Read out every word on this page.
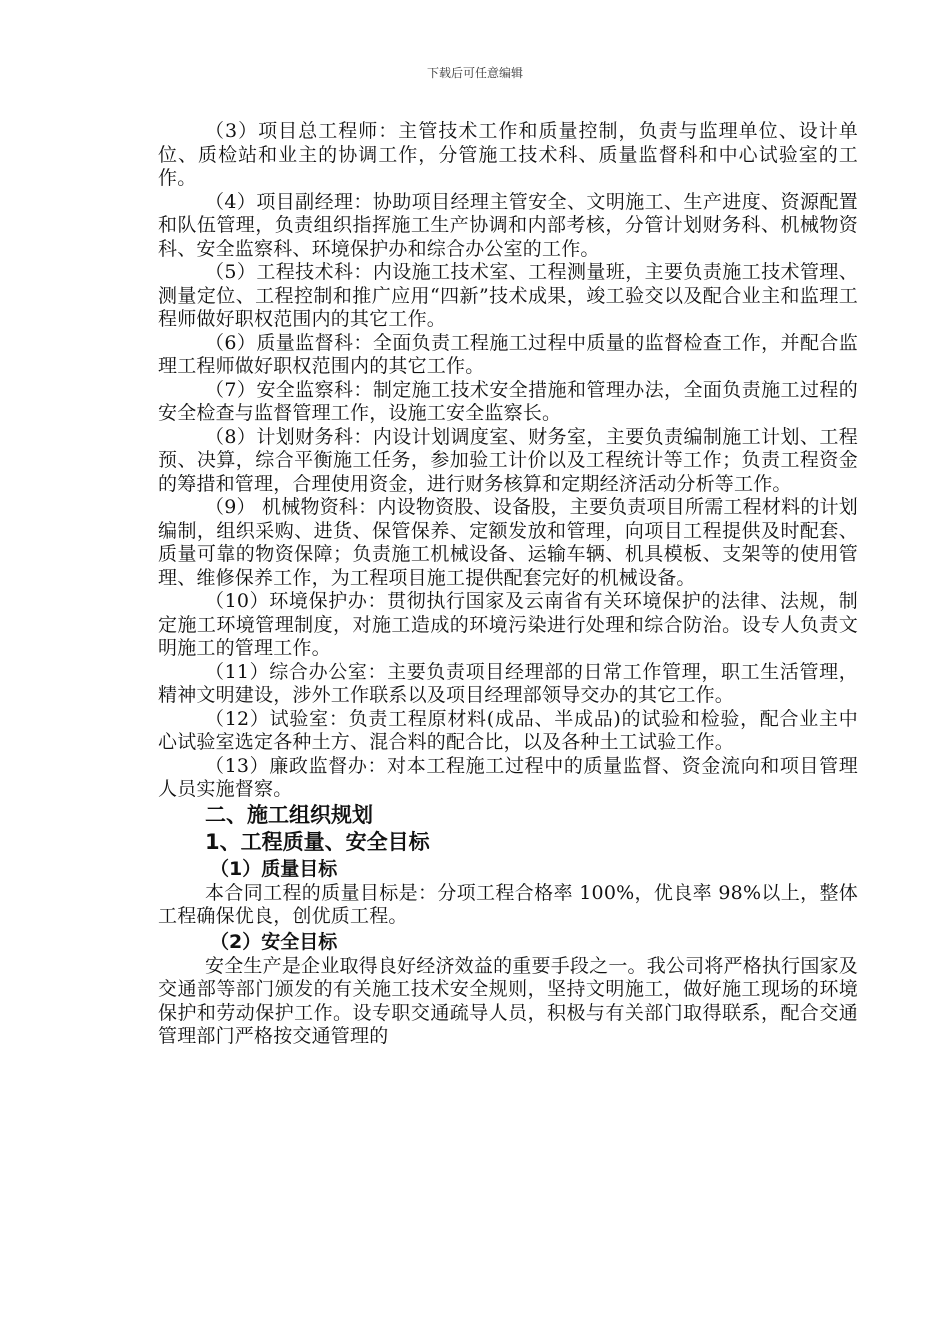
下载后可任意编辑

（3）项目总工程师：主管技术工作和质量控制，负责与监理单位、设计单位、质检站和业主的协调工作，分管施工技术科、质量监督科和中心试验室的工作。

（4）项目副经理：协助项目经理主管安全、文明施工、生产进度、资源配置和队伍管理，负责组织指挥施工生产协调和内部考核，分管计划财务科、机械物资科、安全监察科、环境保护办和综合办公室的工作。

（5）工程技术科：内设施工技术室、工程测量班，主要负责施工技术管理、测量定位、工程控制和推广应用“四新”技术成果，竣工验交以及配合业主和监理工程师做好职权范围内的其它工作。

（6）质量监督科：全面负责工程施工过程中质量的监督检查工作，并配合监理工程师做好职权范围内的其它工作。

（7）安全监察科：制定施工技术安全措施和管理办法，全面负责施工过程的安全检查与监督管理工作，设施工安全监察长。

（8）计划财务科：内设计划调度室、财务室，主要负责编制施工计划、工程预、决算，综合平衡施工任务，参加验工计价以及工程统计等工作；负责工程资金的筹措和管理，合理使用资金，进行财务核算和定期经济活动分析等工作。

（9） 机械物资科：内设物资股、设备股，主要负责项目所需工程材料的计划编制，组织采购、进货、保管保养、定额发放和管理，向项目工程提供及时配套、质量可靠的物资保障；负责施工机械设备、运输车辆、机具模板、支架等的使用管理、维修保养工作，为工程项目施工提供配套完好的机械设备。

（10）环境保护办：贯彻执行国家及云南省有关环境保护的法律、法规，制定施工环境管理制度，对施工造成的环境污染进行处理和综合防治。设专人负责文明施工的管理工作。

（11）综合办公室：主要负责项目经理部的日常工作管理，职工生活管理，精神文明建设，涉外工作联系以及项目经理部领导交办的其它工作。

（12）试验室：负责工程原材料(成品、半成品)的试验和检验，配合业主中心试验室选定各种土方、混合料的配合比，以及各种土工试验工作。

（13）廉政监督办：对本工程施工过程中的质量监督、资金流向和项目管理人员实施督察。

二、施工组织规划

1、工程质量、安全目标

（1）质量目标

本合同工程的质量目标是：分项工程合格率 100%，优良率 98%以上，整体工程确保优良，创优质工程。

（2）安全目标

安全生产是企业取得良好经济效益的重要手段之一。我公司将严格执行国家及交通部等部门颁发的有关施工技术安全规则，坚持文明施工，做好施工现场的环境保护和劳动保护工作。设专职交通疏导人员，积极与有关部门取得联系，配合交通管理部门严格按交通管理的
